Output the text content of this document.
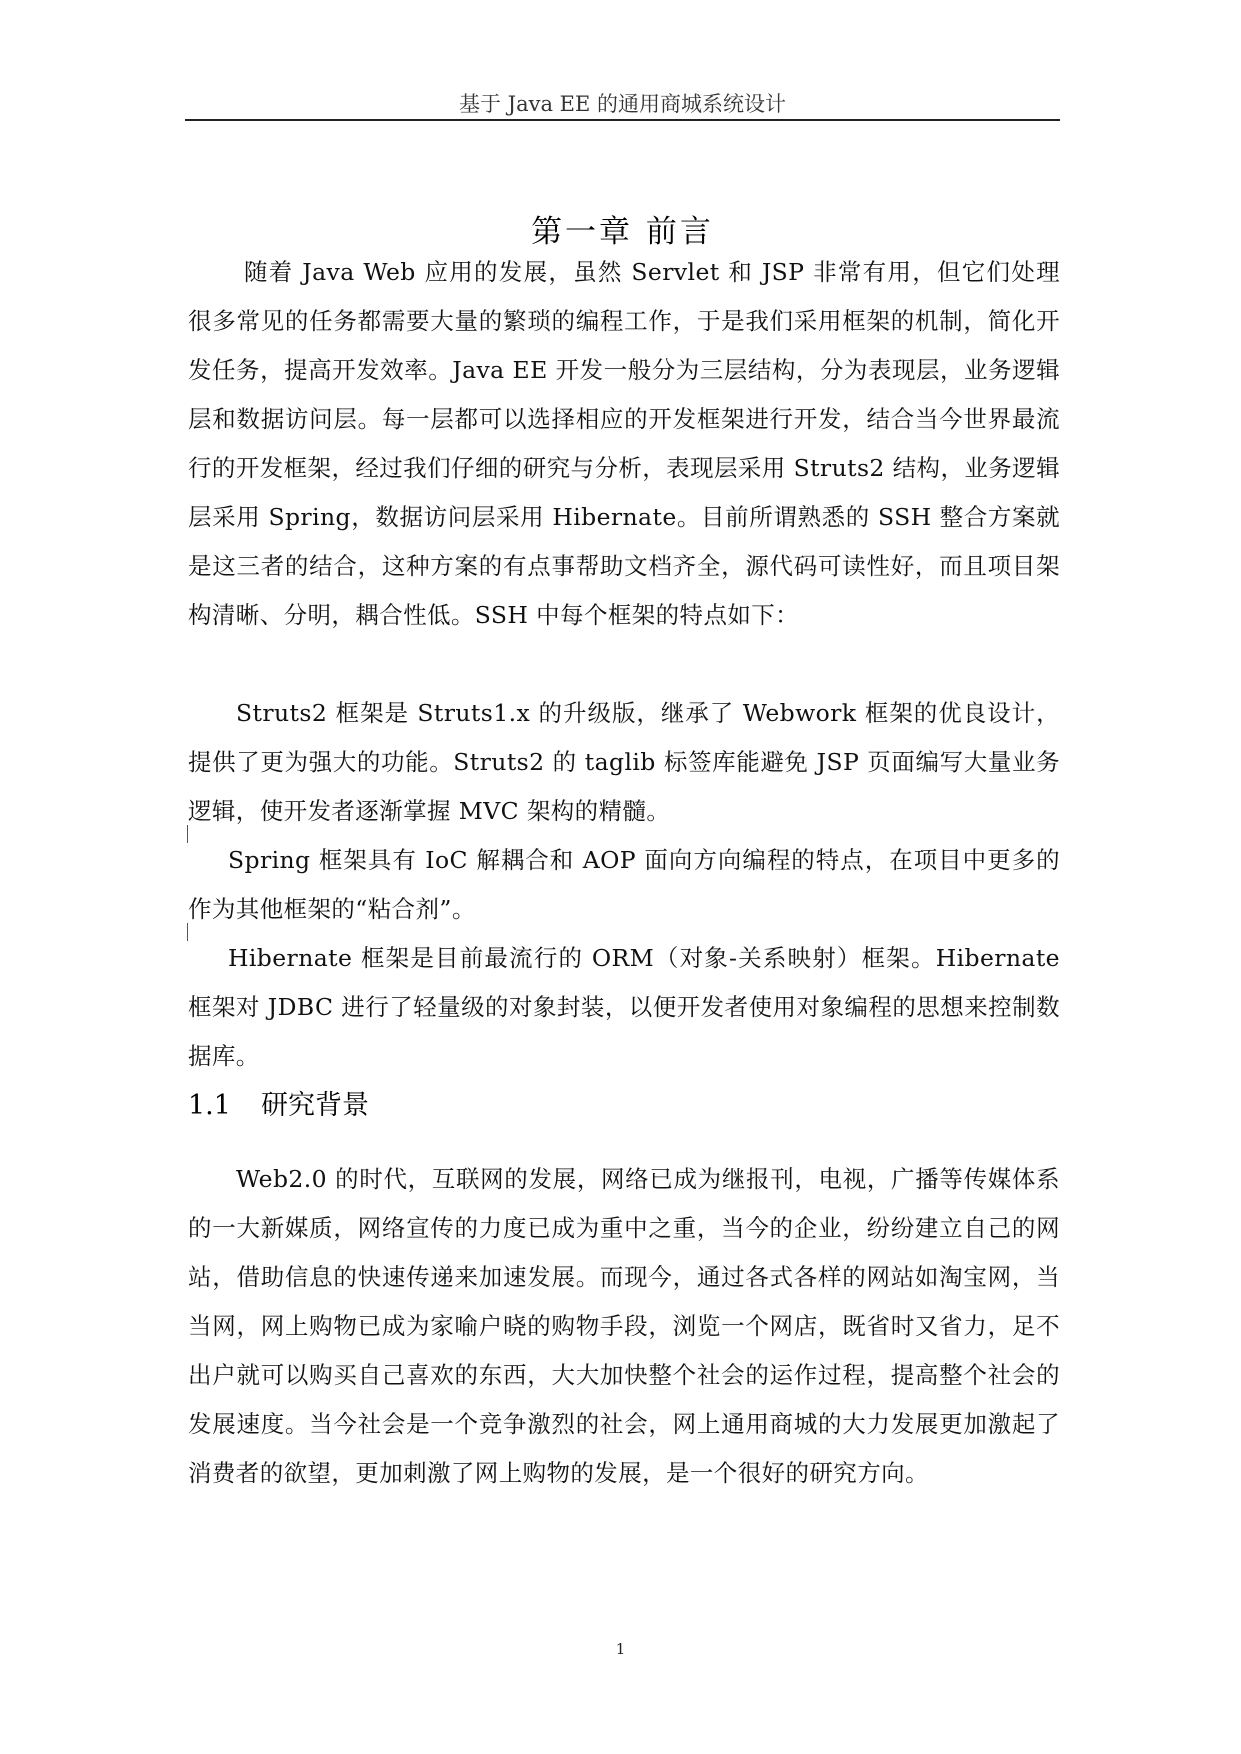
基于 Java EE 的通用商城系统设计
第一章 前言

随着 Java Web 应用的发展，虽然 Servlet 和 JSP 非常有用，但它们处理很多常见的任务都需要大量的繁琐的编程工作，于是我们采用框架的机制，简化开发任务，提高开发效率。Java EE 开发一般分为三层结构，分为表现层，业务逻辑层和数据访问层。每一层都可以选择相应的开发框架进行开发，结合当今世界最流行的开发框架，经过我们仔细的研究与分析，表现层采用 Struts2 结构，业务逻辑层采用 Spring，数据访问层采用 Hibernate。目前所谓熟悉的 SSH 整合方案就是这三者的结合，这种方案的有点事帮助文档齐全，源代码可读性好，而且项目架构清晰、分明，耦合性低。SSH 中每个框架的特点如下：

Struts2 框架是 Struts1.x 的升级版，继承了 Webwork 框架的优良设计，提供了更为强大的功能。Struts2 的 taglib 标签库能避免 JSP 页面编写大量业务逻辑，使开发者逐渐掌握 MVC 架构的精髓。

Spring 框架具有 IoC 解耦合和 AOP 面向方向编程的特点，在项目中更多的作为其他框架的“粘合剂”。

Hibernate 框架是目前最流行的 ORM（对象-关系映射）框架。Hibernate 框架对 JDBC 进行了轻量级的对象封装，以便开发者使用对象编程的思想来控制数据库。

1.1 研究背景

Web2.0 的时代，互联网的发展，网络已成为继报刊，电视，广播等传媒体系的一大新媒质，网络宣传的力度已成为重中之重，当今的企业，纷纷建立自己的网站，借助信息的快速传递来加速发展。而现今，通过各式各样的网站如淘宝网，当当网，网上购物已成为家喻户晓的购物手段，浏览一个网店，既省时又省力，足不出户就可以购买自己喜欢的东西，大大加快整个社会的运作过程，提高整个社会的发展速度。当今社会是一个竞争激烈的社会，网上通用商城的大力发展更加激起了消费者的欲望，更加刺激了网上购物的发展，是一个很好的研究方向。

1
